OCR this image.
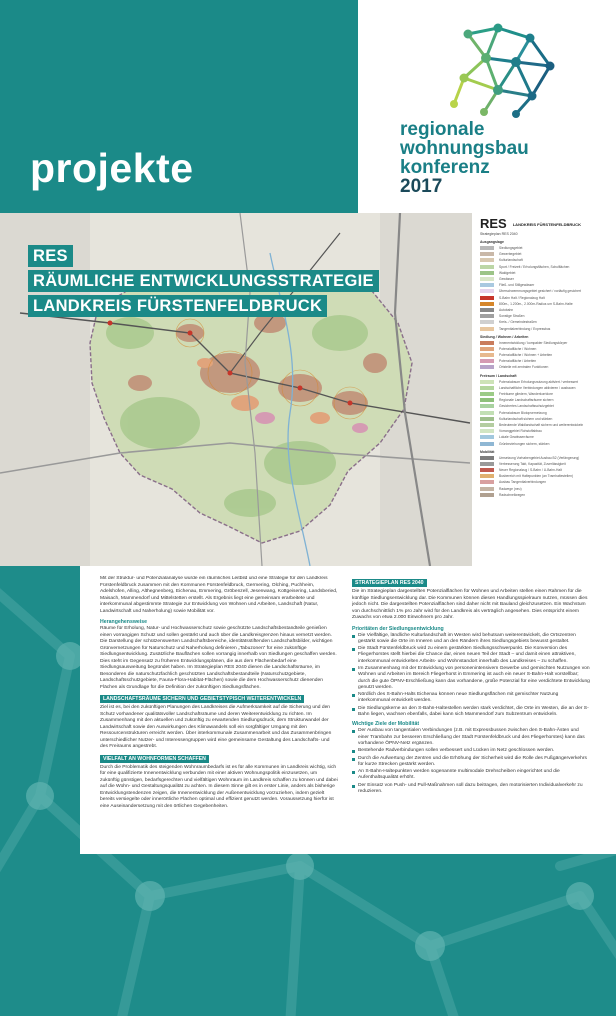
projekte
regionale
wohnungsbau
konferenz
2017
RES
RÄUMLICHE ENTWICKLUNGSSTRATEGIE
LANDKREIS FÜRSTENFELDBRUCK
RES LANDKREIS FÜRSTENFELDBRUCK
Strategieplan RES 2040
Ausgangslage
Siedlungsgebiet
Gewerbegebiet
Kulturlandschaft
Sport / Freizeit / Erholungsflächen, Schulflächen
Waldgebiet
Gewässer
Fließ- und Stillgewässer
Überschwemmungsgebiet gesichert / vorläufig gesichert
S-Bahn Halt / Regionalzug Halt
800m-, 1.200m-, 2.000m-Radius um S-Bahn-Halte
Autobahn
Sonstige Straßen
Kreis- / Gemeindestraßen
Tangentialverbindung / Expressbus
Siedlung / Wohnen / Arbeiten
Innenentwicklung / kompakter Siedlungskörper
Potenzialfläche / Wohnen
Potenzialfläche / Wohnen + Arbeiten
Potenzialfläche / Arbeiten
Ortsteile mit zentralen Funktionen
Freiraum / Landschaft
Potenzialraum Erholungsnutzung aktiviert / verbessert
Landschaftliche Verbindungen aktivieren / ausbauen
Freiräume gliedern, Wanderkorridore
Regionale Landschaftsräume sichern
Gesichertes Landschaftsschutzgebiet
Potenzialraum Biotopvernetzung
Kulturlandschaft sichern und stärken
Bedeutende Waldlandschaft sichern und weiterentwickeln
Vorranggebiet Rohstoffabbau
Lokale Gewässerräume
Grünbeziehungen sichern, stärken
Mobilität
Umsetzung Vorhabengebiet Ausbau B2 (Verlängerung)
Verbesserung Takt, Kapazität, Zuverlässigkeit
Neuer Regionalzug / S-Bahn / U-Bahn-Halt
Busbereich mit Haltepunkten (an Tramhaltestellen)
Ausbau Tangentialverbindungen
Radwege (neu)
Radschnellwegen

Mit der Struktur- und Potenzialanalyse wurde ein räumliches Leitbild und eine Strategie für den Landkreis Fürstenfeldbruck zusammen mit den Kommunen Fürstenfeldbruck, Germering, Olching, Puchheim, Adelshofen, Alling, Althegnenberg, Eichenau, Emmering, Gröbenzell, Jesenwang, Kottgeisering, Landsberied, Maisach, Mammendorf und Mittelstetten erstellt. Als Ergebnis liegt eine gemeinsam erarbeitete und interkommunal abgestimmte Strategie zur Entwicklung von Wohnen und Arbeiten, Landschaft (Natur, Landwirtschaft und Naherholung) sowie Mobilität vor.

Herangehensweise

Räume für Erholung, Natur- und Hochwasserschutz sowie geschützte Landschaftsbestandteile genießen einen vorrangigen Schutz und sollen gestärkt und auch über die Landkreisgrenzen hinaus vernetzt werden. Die Darstellung der schützenswerten Landschaftsbereiche, identitätsstiftenden Landschaftsbilder, wichtigen Grünvernetzungen für Naturschutz und Naherholung definieren „Tabuzonen“ für eine zukünftige Siedlungsentwicklung. Zusätzliche Bauflächen sollen vorrangig innerhalb von Siedlungen geschaffen werden. Dies steht im Gegensatz zu früheren Entwicklungsplänen, die aus dem Flächenbedarf eine Siedlungsausweitung begründet haben. Im Strategieplan RES 2040 dienen die Landschaftsräume, im Besonderen die naturschutzfachlich geschützten Landschaftsbestandteile (Naturschutzgebiete, Landschaftsschutzgebiete, Fauna-Flora-Habitat-Flächen) sowie die dem Hochwasserschutz dienenden Flächen als Grundlage für die Definition der zukünftigen Siedlungsflächen.

LANDSCHAFTSRÄUME SICHERN UND GEBIETSTYPISCH WEITERENTWICKELN

Ziel ist es, bei den zukünftigen Planungen des Landkreises die Aufmerksamkeit auf die Sicherung und den Schutz vorhandener qualitätsvoller Landschaftsräume und deren Weiterentwicklung zu richten. Im Zusammenhang mit den aktuellen und zukünftig zu erwartenden Siedlungsdruck, dem Strukturwandel der Landwirtschaft sowie den Auswirkungen des Klimawandels soll ein sorgfältiger Umgang mit den Ressourcenstrukturen erreicht werden. Über interkommunale Zusammenarbeit und das Zusammenbringen unterschiedlicher Nutzer- und Interessengruppen wird eine gemeinsame Gestaltung des Landschafts- und des Freiraums angestrebt.

VIELFALT AN WOHNFORMEN SCHAFFEN

Durch die Problematik des steigenden Wohnraumbedarfs ist es für alle Kommunen im Landkreis wichtig, sich für eine qualifizierte Innenentwicklung verbunden mit einer aktiven Wohnungspolitik einzusetzen, um zukünftig günstigen, bedarfsgerechten und vielfältigen Wohnraum im Landkreis schaffen zu können und dabei auf die Wohn- und Gestaltungsqualität zu achten. In diesem Sinne gilt es in erster Linie, anders als bisherige Entwicklungstendenzen zeigen, die Innenentwicklung der Außenentwicklung vorzuziehen, indem gezielt bereits versiegelte oder innerörtliche Flächen optimal und effizient genutzt werden. Voraussetzung hierfür ist eine Auseinandersetzung mit den örtlichen Gegebenheiten.

STRATEGIEPLAN RES 2040

Die im Strategieplan dargestellten Potenzialflächen für Wohnen und Arbeiten stellen einen Rahmen für die künftige Siedlungsentwicklung dar. Die Kommunen können diesen Handlungsspielraum nutzen, müssen dies jedoch nicht. Die dargestellten Potenzialflächen sind daher nicht mit Bauland gleichzusetzen. Ein Wachstum von durchschnittlich 1% pro Jahr wird für den Landkreis als verträglich angesehen. Dies entspricht einem Zuwachs von etwa 2.000 Einwohnern pro Jahr.

Prioritäten der Siedlungsentwicklung
Die Vielfältige, ländliche Kulturlandschaft im Westen wird behutsam weiterentwickelt, die Ortszentren gestärkt sowie die Orte im Inneren und an den Rändern ihres Siedlungsgebiets bewusst gestaltet.
Die Stadt Fürstenfeldbruck wird zu einem gestärkten Siedlungsschwerpunkt. Die Konversion des Fliegerhorstes stellt hierbei die Chance dar, einen neuen Teil der Stadt – und damit einen attraktiven, interkommunal entwickelten Arbeits- und Wohnstandort innerhalb des Landkreises – zu schaffen.
Im Zusammenhang mit der Entwicklung von personenintensivem Gewerbe und gemischten Nutzungen von Wohnen und Arbeiten im Bereich Fliegerhorst in Emmering ist auch ein neuer S-Bahn-Halt vorstellbar; durch die gute ÖPNV-Erschließung kann das vorhandene, große Potenzial für eine verdichtete Entwicklung genutzt werden.
Nördlich des S-Bahn-Halts Eichenau können neue Siedlungsflächen mit gemischter Nutzung interkommunal entwickelt werden.
Die Siedlungskerne an den S-Bahn-Haltestellen werden stark verdichtet, die Orte im Westen, die an der S-Bahn liegen, wachsen ebenfalls, dabei kann sich Mammendorf zum Subzentrum entwickeln.
Wichtige Ziele der Mobilität
Der Ausbau von tangentialen Verbindungen (z.B. mit Expressbussen zwischen den S-Bahn-Ästen und einer Trambahn zur besseren Erschließung der Stadt Fürstenfeldbruck und des Fliegerhorstes) kann das vorhandene ÖPNV-Netz ergänzen.
Bestehende Radverbindungen sollen verbessert und Lücken im Netz geschlossen werden.
Durch die Aufwertung der Zentren und die Erhöhung der Sicherheit wird die Rolle des Fußgängerverkehrs für kurze Strecken gestärkt werden.
An S-Bahn-Haltepunkten werden sogenannte multimodale Drehscheiben eingerichtet und die Aufenthaltsqualität erhöht.
Der Einsatz von Push- und Pull-Maßnahmen soll dazu beitragen, den motorisierten Individualverkehr zu reduzieren.
